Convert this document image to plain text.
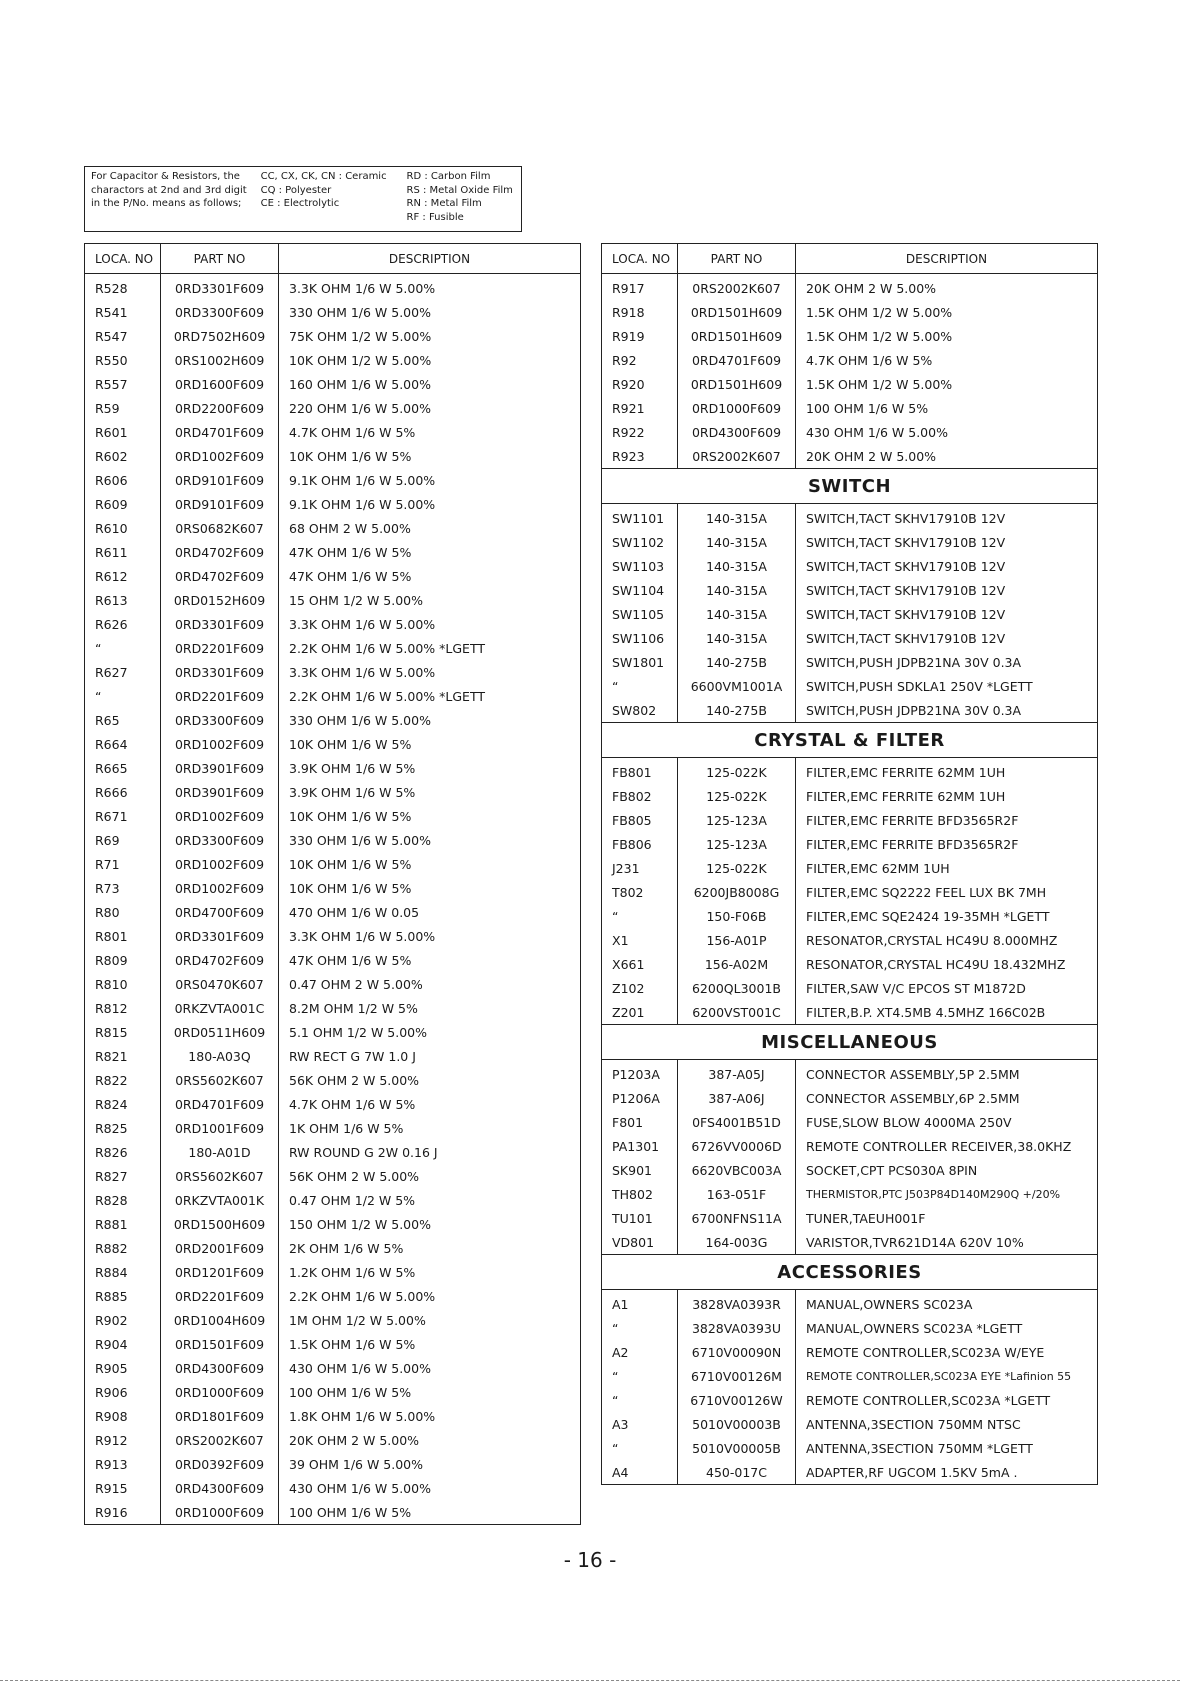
For Capacitor & Resistors, the
charactors at 2nd and 3rd digit
in the P/No. means as follows;
CC, CX, CK, CN : Ceramic
CQ : Polyester
CE : Electrolytic
RD : Carbon Film
RS : Metal Oxide Film
RN : Metal Film
RF : Fusible
LOCA. NO	PART NO	DESCRIPTION
R528	0RD3301F609	3.3K OHM 1/6 W 5.00%
R541	0RD3300F609	330 OHM 1/6 W 5.00%
R547	0RD7502H609	75K OHM 1/2 W 5.00%
R550	0RS1002H609	10K OHM 1/2 W 5.00%
R557	0RD1600F609	160 OHM 1/6 W 5.00%
R59	0RD2200F609	220 OHM 1/6 W 5.00%
R601	0RD4701F609	4.7K OHM 1/6 W 5%
R602	0RD1002F609	10K OHM 1/6 W 5%
R606	0RD9101F609	9.1K OHM 1/6 W 5.00%
R609	0RD9101F609	9.1K OHM 1/6 W 5.00%
R610	0RS0682K607	68 OHM 2 W 5.00%
R611	0RD4702F609	47K OHM 1/6 W 5%
R612	0RD4702F609	47K OHM 1/6 W 5%
R613	0RD0152H609	15 OHM 1/2 W 5.00%
R626	0RD3301F609	3.3K OHM 1/6 W 5.00%
“	0RD2201F609	2.2K OHM 1/6 W 5.00% *LGETT
R627	0RD3301F609	3.3K OHM 1/6 W 5.00%
“	0RD2201F609	2.2K OHM 1/6 W 5.00% *LGETT
R65	0RD3300F609	330 OHM 1/6 W 5.00%
R664	0RD1002F609	10K OHM 1/6 W 5%
R665	0RD3901F609	3.9K OHM 1/6 W 5%
R666	0RD3901F609	3.9K OHM 1/6 W 5%
R671	0RD1002F609	10K OHM 1/6 W 5%
R69	0RD3300F609	330 OHM 1/6 W 5.00%
R71	0RD1002F609	10K OHM 1/6 W 5%
R73	0RD1002F609	10K OHM 1/6 W 5%
R80	0RD4700F609	470 OHM 1/6 W 0.05
R801	0RD3301F609	3.3K OHM 1/6 W 5.00%
R809	0RD4702F609	47K OHM 1/6 W 5%
R810	0RS0470K607	0.47 OHM 2 W 5.00%
R812	0RKZVTA001C	8.2M OHM 1/2 W 5%
R815	0RD0511H609	5.1 OHM 1/2 W 5.00%
R821	180-A03Q	RW RECT G 7W 1.0 J
R822	0RS5602K607	56K OHM 2 W 5.00%
R824	0RD4701F609	4.7K OHM 1/6 W 5%
R825	0RD1001F609	1K OHM 1/6 W 5%
R826	180-A01D	RW ROUND G 2W 0.16 J
R827	0RS5602K607	56K OHM 2 W 5.00%
R828	0RKZVTA001K	0.47 OHM 1/2 W 5%
R881	0RD1500H609	150 OHM 1/2 W 5.00%
R882	0RD2001F609	2K OHM 1/6 W 5%
R884	0RD1201F609	1.2K OHM 1/6 W 5%
R885	0RD2201F609	2.2K OHM 1/6 W 5.00%
R902	0RD1004H609	1M OHM 1/2 W 5.00%
R904	0RD1501F609	1.5K OHM 1/6 W 5%
R905	0RD4300F609	430 OHM 1/6 W 5.00%
R906	0RD1000F609	100 OHM 1/6 W 5%
R908	0RD1801F609	1.8K OHM 1/6 W 5.00%
R912	0RS2002K607	20K OHM 2 W 5.00%
R913	0RD0392F609	39 OHM 1/6 W 5.00%
R915	0RD4300F609	430 OHM 1/6 W 5.00%
R916	0RD1000F609	100 OHM 1/6 W 5%
LOCA. NO	PART NO	DESCRIPTION
R917	0RS2002K607	20K OHM 2 W 5.00%
R918	0RD1501H609	1.5K OHM 1/2 W 5.00%
R919	0RD1501H609	1.5K OHM 1/2 W 5.00%
R92	0RD4701F609	4.7K OHM 1/6 W 5%
R920	0RD1501H609	1.5K OHM 1/2 W 5.00%
R921	0RD1000F609	100 OHM 1/6 W 5%
R922	0RD4300F609	430 OHM 1/6 W 5.00%
R923	0RS2002K607	20K OHM 2 W 5.00%
SWITCH		
SW1101	140-315A	SWITCH,TACT SKHV17910B 12V
SW1102	140-315A	SWITCH,TACT SKHV17910B 12V
SW1103	140-315A	SWITCH,TACT SKHV17910B 12V
SW1104	140-315A	SWITCH,TACT SKHV17910B 12V
SW1105	140-315A	SWITCH,TACT SKHV17910B 12V
SW1106	140-315A	SWITCH,TACT SKHV17910B 12V
SW1801	140-275B	SWITCH,PUSH JDPB21NA 30V 0.3A
“	6600VM1001A	SWITCH,PUSH SDKLA1 250V *LGETT
SW802	140-275B	SWITCH,PUSH JDPB21NA 30V 0.3A
CRYSTAL & FILTER		
FB801	125-022K	FILTER,EMC FERRITE 62MM 1UH
FB802	125-022K	FILTER,EMC FERRITE 62MM 1UH
FB805	125-123A	FILTER,EMC FERRITE BFD3565R2F
FB806	125-123A	FILTER,EMC FERRITE BFD3565R2F
J231	125-022K	FILTER,EMC 62MM 1UH
T802	6200JB8008G	FILTER,EMC SQ2222 FEEL LUX BK 7MH
“	150-F06B	FILTER,EMC SQE2424 19-35MH *LGETT
X1	156-A01P	RESONATOR,CRYSTAL HC49U 8.000MHZ
X661	156-A02M	RESONATOR,CRYSTAL HC49U 18.432MHZ
Z102	6200QL3001B	FILTER,SAW V/C EPCOS ST M1872D
Z201	6200VST001C	FILTER,B.P. XT4.5MB 4.5MHZ 166C02B
MISCELLANEOUS		
P1203A	387-A05J	CONNECTOR ASSEMBLY,5P 2.5MM
P1206A	387-A06J	CONNECTOR ASSEMBLY,6P 2.5MM
F801	0FS4001B51D	FUSE,SLOW BLOW 4000MA 250V
PA1301	6726VV0006D	REMOTE CONTROLLER RECEIVER,38.0KHZ
SK901	6620VBC003A	SOCKET,CPT PCS030A 8PIN
TH802	163-051F	THERMISTOR,PTC J503P84D140M290Q +/20%
TU101	6700NFNS11A	TUNER,TAEUH001F
VD801	164-003G	VARISTOR,TVR621D14A 620V 10%
ACCESSORIES		
A1	3828VA0393R	MANUAL,OWNERS SC023A
“	3828VA0393U	MANUAL,OWNERS SC023A *LGETT
A2	6710V00090N	REMOTE CONTROLLER,SC023A W/EYE
“	6710V00126M	REMOTE CONTROLLER,SC023A EYE *Lafinion 55
“	6710V00126W	REMOTE CONTROLLER,SC023A *LGETT
A3	5010V00003B	ANTENNA,3SECTION 750MM NTSC
“	5010V00005B	ANTENNA,3SECTION 750MM *LGETT
A4	450-017C	ADAPTER,RF UGCOM 1.5KV 5mA .
- 16 -
